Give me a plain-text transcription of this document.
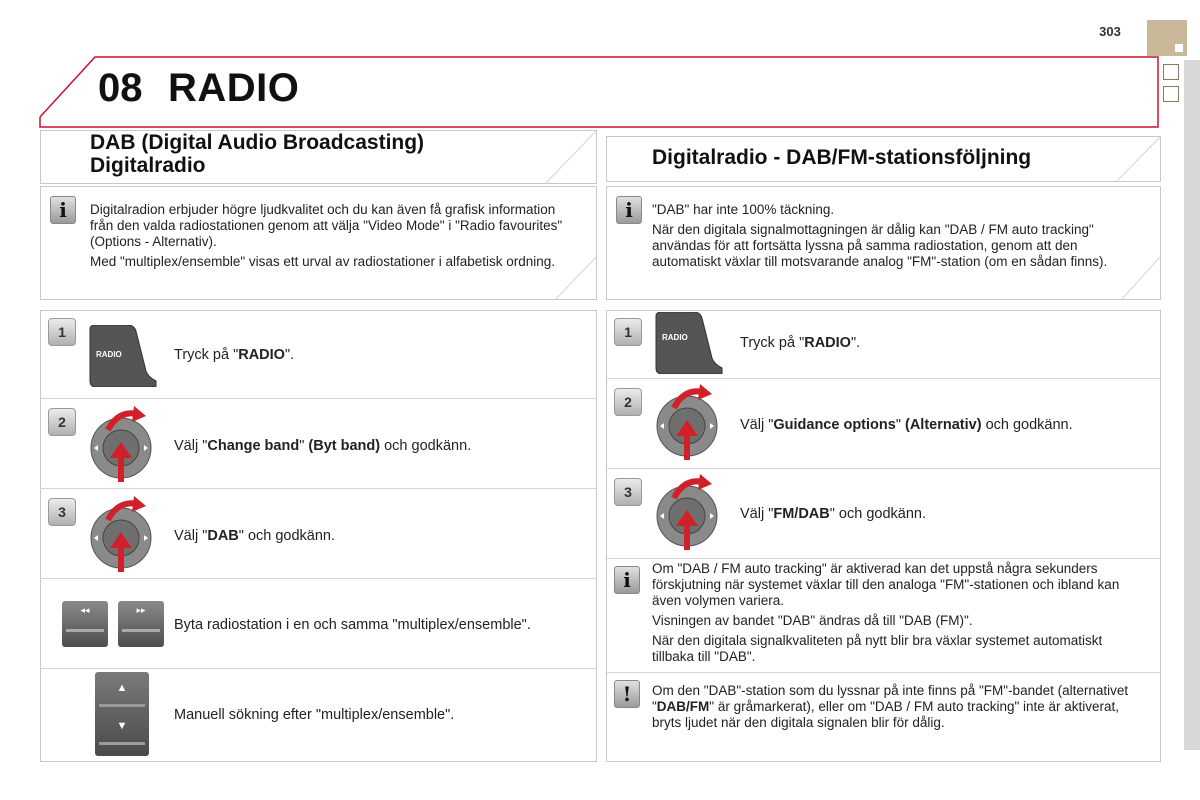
303
08 RADIO
DAB (Digital Audio Broadcasting)
Digitalradio
i	Digitalradion erbjuder högre ljudkvalitet och du kan även få grafisk information från den valda radiostationen genom att välja "Video Mode" i "Radio favourites"(Options - Alternativ).

Med "multiplex/ensemble" visas ett urval av radiostationer i alfabetisk ordning.

1
RADIO	Tryck på "RADIO".
2
Välj "Change band" (Byt band) och godkänn.
3
Välj "DAB" och godkänn.
◂◂	▸▸
Byta radiostation i en och samma "multiplex/ensemble".
▲
▼
Manuell sökning efter "multiplex/ensemble".
Digitalradio - DAB/FM-stationsföljning
i	"DAB" har inte 100% täckning.

När den digitala signalmottagningen är dålig kan "DAB / FM auto tracking" användas för att fortsätta lyssna på samma radiostation, genom att den automatiskt växlar till motsvarande analog "FM"-station (om en sådan finns).

1	RADIO	Tryck på "RADIO".
2
Välj "Guidance options" (Alternativ) och godkänn.
3
Välj "FM/DAB" och godkänn.
i	Om "DAB / FM auto tracking" är aktiverad kan det uppstå några sekunders förskjutning när systemet växlar till den analoga "FM"-stationen och ibland kan även volymen variera.

Visningen av bandet "DAB" ändras då till "DAB (FM)".

När den digitala signalkvaliteten på nytt blir bra växlar systemet automatiskt tillbaka till "DAB".

!	Om den "DAB"-station som du lyssnar på inte finns på "FM"-bandet (alternativet "DAB/FM" är gråmarkerat), eller om "DAB / FM auto tracking" inte är aktiverat, bryts ljudet när den digitala signalen blir för dålig.
